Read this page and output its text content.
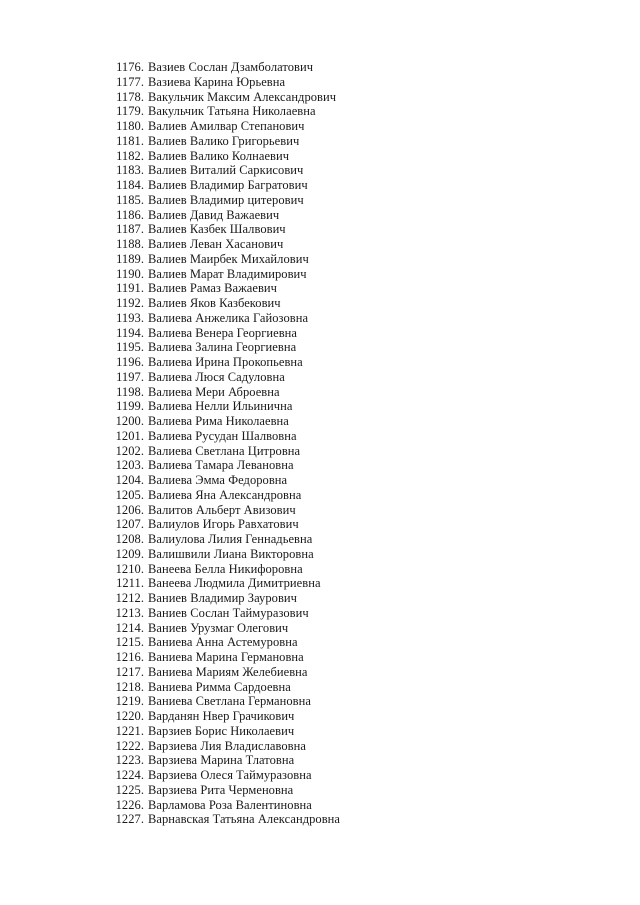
1176. Вазиев Сослан Дзамболатович
1177. Вазиева Карина Юрьевна
1178. Вакульчик Максим Александрович
1179. Вакульчик Татьяна Николаевна
1180. Валиев Амилвар Степанович
1181. Валиев Валико Григорьевич
1182. Валиев Валико Колнаевич
1183. Валиев Виталий Саркисович
1184. Валиев Владимир Багратович
1185. Валиев Владимир цитерович
1186. Валиев Давид Важаевич
1187. Валиев Казбек Шалвович
1188. Валиев Леван Хасанович
1189. Валиев Маирбек Михайлович
1190. Валиев Марат Владимирович
1191. Валиев Рамаз Важаевич
1192. Валиев Яков Казбекович
1193. Валиева Анжелика Гайозовна
1194. Валиева Венера Георгиевна
1195. Валиева Залина Георгиевна
1196. Валиева Ирина Прокопьевна
1197. Валиева Люся Садуловна
1198. Валиева Мери Аброевна
1199. Валиева Нелли Ильинична
1200. Валиева Рима Николаевна
1201. Валиева Русудан Шалвовна
1202. Валиева Светлана Цитровна
1203. Валиева Тамара Левановна
1204. Валиева Эмма Федоровна
1205. Валиева Яна Александровна
1206. Валитов Альберт Авизович
1207. Валиулов Игорь Равхатович
1208. Валиулова Лилия Геннадьевна
1209. Валишвили Лиана Викторовна
1210. Ванеева Белла Никифоровна
1211. Ванеева Людмила Димитриевна
1212. Ваниев Владимир Заурович
1213. Ваниев Сослан Таймуразович
1214. Ваниев Урузмаг Олегович
1215. Ваниева Анна Астемуровна
1216. Ваниева Марина Германовна
1217. Ваниева Мариям Желебиевна
1218. Ваниева Римма Сардоевна
1219. Ваниева Светлана Германовна
1220. Варданян Нвер Грачикович
1221. Варзиев Борис Николаевич
1222. Варзиева Лия Владиславовна
1223. Варзиева Марина Тлатовна
1224. Варзиева Олеся Таймуразовна
1225. Варзиева Рита Черменовна
1226. Варламова Роза Валентиновна
1227. Варнавская Татьяна Александровна
